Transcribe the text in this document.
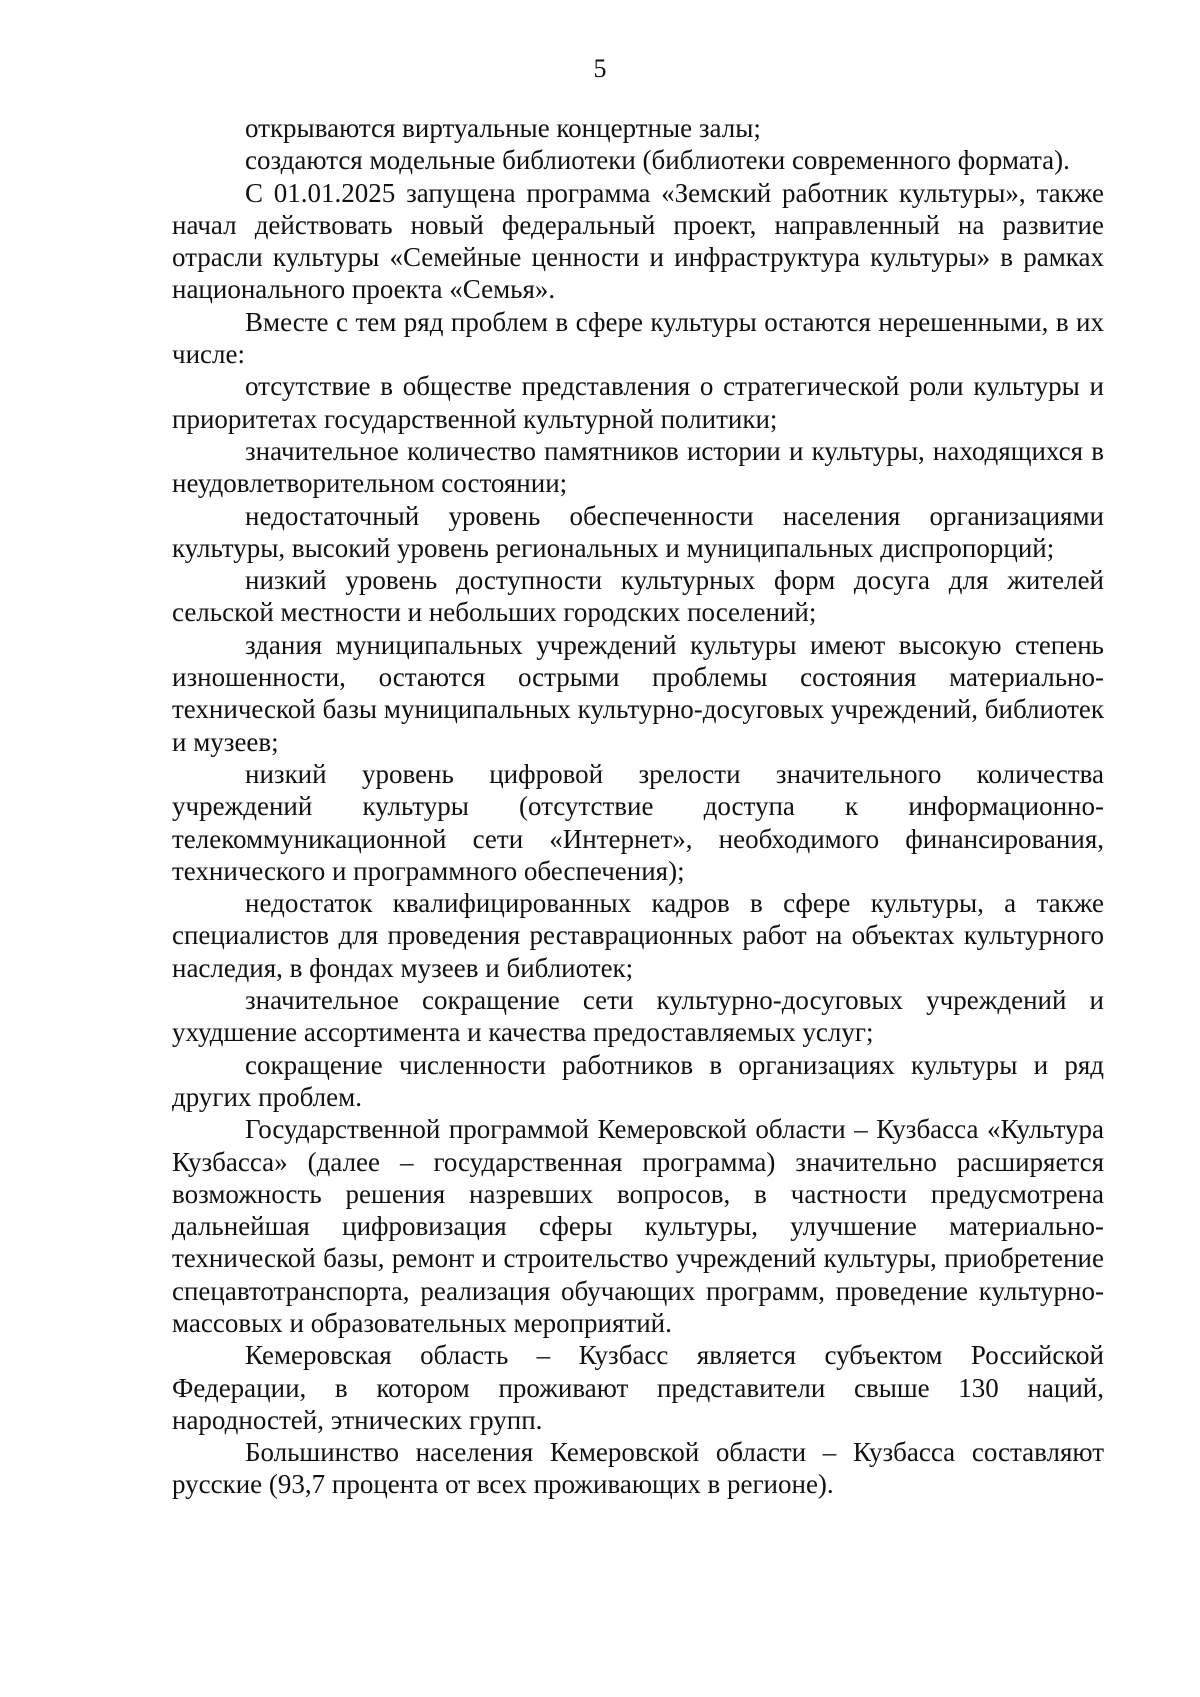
5

открываются виртуальные концертные залы;

создаются модельные библиотеки (библиотеки современного формата).

С 01.01.2025 запущена программа «Земский работник культуры», также начал действовать новый федеральный проект, направленный на развитие отрасли культуры «Семейные ценности и инфраструктура культуры» в рамках национального проекта «Семья».

Вместе с тем ряд проблем в сфере культуры остаются нерешенными, в их числе:

отсутствие в обществе представления о стратегической роли культуры и приоритетах государственной культурной политики;

значительное количество памятников истории и культуры, находящихся в неудовлетворительном состоянии;

недостаточный уровень обеспеченности населения организациями культуры, высокий уровень региональных и муниципальных диспропорций;

низкий уровень доступности культурных форм досуга для жителей сельской местности и небольших городских поселений;

здания муниципальных учреждений культуры имеют высокую степень изношенности, остаются острыми проблемы состояния материально-технической базы муниципальных культурно-досуговых учреждений, библиотек и музеев;

низкий уровень цифровой зрелости значительного количества учреждений культуры (отсутствие доступа к информационно-телекоммуникационной сети «Интернет», необходимого финансирования, технического и программного обеспечения);

недостаток квалифицированных кадров в сфере культуры, а также специалистов для проведения реставрационных работ на объектах культурного наследия, в фондах музеев и библиотек;

значительное сокращение сети культурно-досуговых учреждений и ухудшение ассортимента и качества предоставляемых услуг;

сокращение численности работников в организациях культуры и ряд других проблем.

Государственной программой Кемеровской области – Кузбасса «Культура Кузбасса» (далее – государственная программа) значительно расширяется возможность решения назревших вопросов, в частности предусмотрена дальнейшая цифровизация сферы культуры, улучшение материально-технической базы, ремонт и строительство учреждений культуры, приобретение спецавтотранспорта, реализация обучающих программ, проведение культурно-массовых и образовательных мероприятий.

Кемеровская область – Кузбасс является субъектом Российской Федерации, в котором проживают представители свыше 130 наций, народностей, этнических групп.

Большинство населения Кемеровской области – Кузбасса составляют русские (93,7 процента от всех проживающих в регионе).
